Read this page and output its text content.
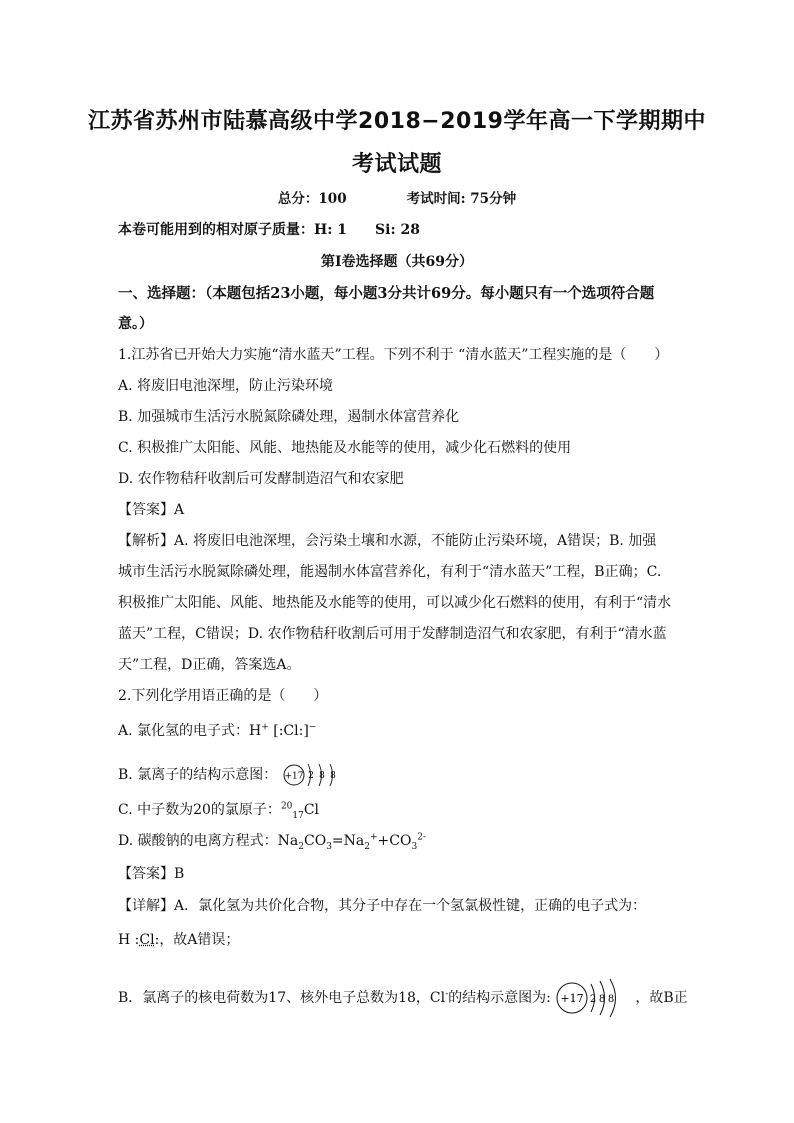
江苏省苏州市陆慕高级中学2018−2019学年高一下学期期中
考试试题
总分：100	考试时间: 75分钟
本卷可能用到的相对原子质量：H: 1　　Si: 28
第I卷选择题（共69分）
一、选择题：（本题包括23小题，每小题3分共计69分。每小题只有一个选项符合题
意。）
1.江苏省已开始大力实施“清水蓝天”工程。下列不利于 “清水蓝天”工程实施的是（　　）
A. 将废旧电池深埋，防止污染环境
B. 加强城市生活污水脱氮除磷处理，遏制水体富营养化
C. 积极推广太阳能、风能、地热能及水能等的使用，减少化石燃料的使用
D. 农作物秸秆收割后可发酵制造沼气和农家肥
【答案】A
【解析】A. 将废旧电池深埋，会污染土壤和水源，不能防止污染环境，A错误；B. 加强
城市生活污水脱氮除磷处理，能遏制水体富营养化，有利于“清水蓝天”工程，B正确；C.
积极推广太阳能、风能、地热能及水能等的使用，可以减少化石燃料的使用，有利于“清水
蓝天”工程，C错误；D. 农作物秸秆收割后可用于发酵制造沼气和农家肥，有利于“清水蓝
天”工程，D正确，答案选A。
2.下列化学用语正确的是（　　）
A. 氯化氢的电子式：H+ [:Cl:]−
B. 氯离子的结构示意图： +17 2 8 8
C. 中子数为20的氯原子：$^{20}_{17}$Cl
D. 碳酸钠的电离方程式：$Na_2CO_3=Na_2^++CO_3^{2-}$
【答案】B
【详解】A．氯化氢为共价化合物，其分子中存在一个氢氯极性键，正确的电子式为：
H :Cl:，故A错误；
B．氯离子的核电荷数为17、核外电子总数为18，Cl-的结构示意图为: +17 2 8 8 ，故B正
